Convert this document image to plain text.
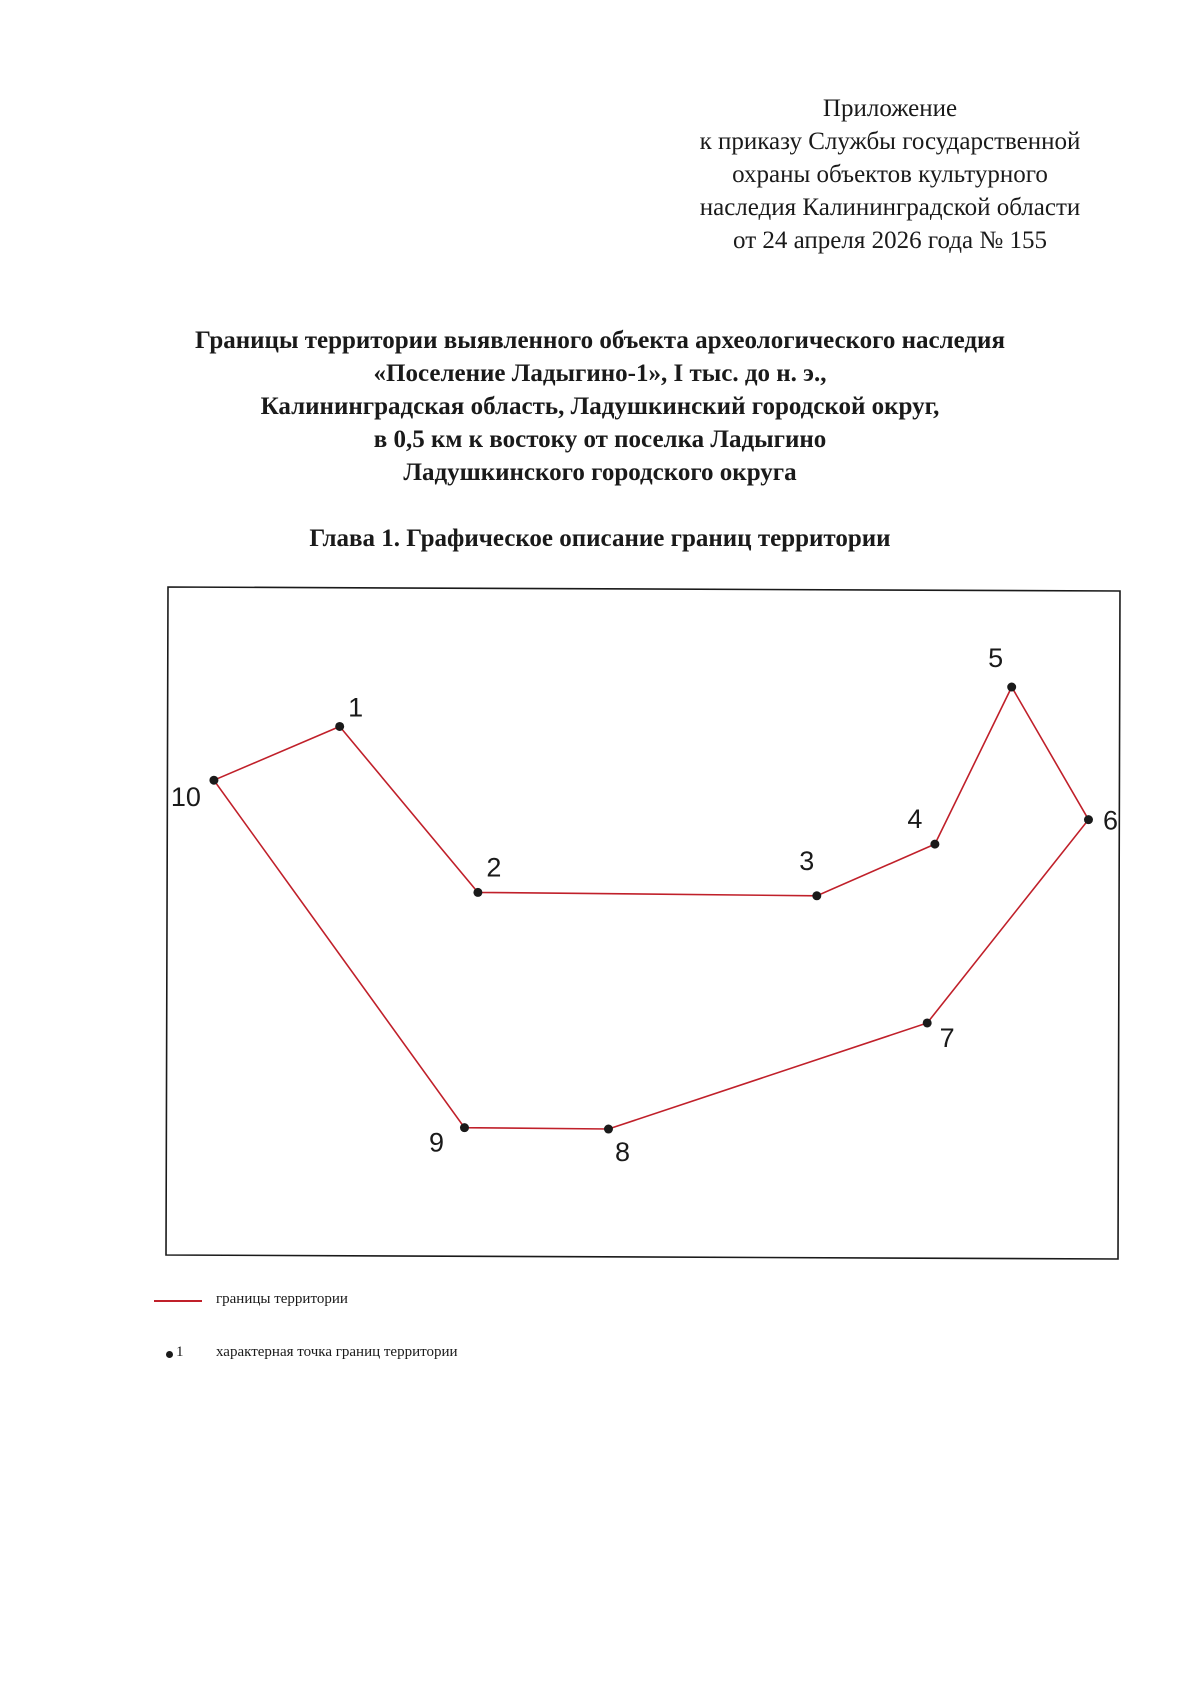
Приложение
к приказу Службы государственной
охраны объектов культурного
наследия Калининградской области
от 24 апреля 2026 года № 155
Границы территории выявленного объекта археологического наследия
«Поселение Ладыгино-1», I тыс. до н. э.,
Калининградская область, Ладушкинский городской округ,
в 0,5 км к востоку от поселка Ладыгино
Ладушкинского городского округа
Глава 1. Графическое описание границ территории
1
2	3
4
5
6
7
8
9
10
границы территории
1 характерная точка границ территории
